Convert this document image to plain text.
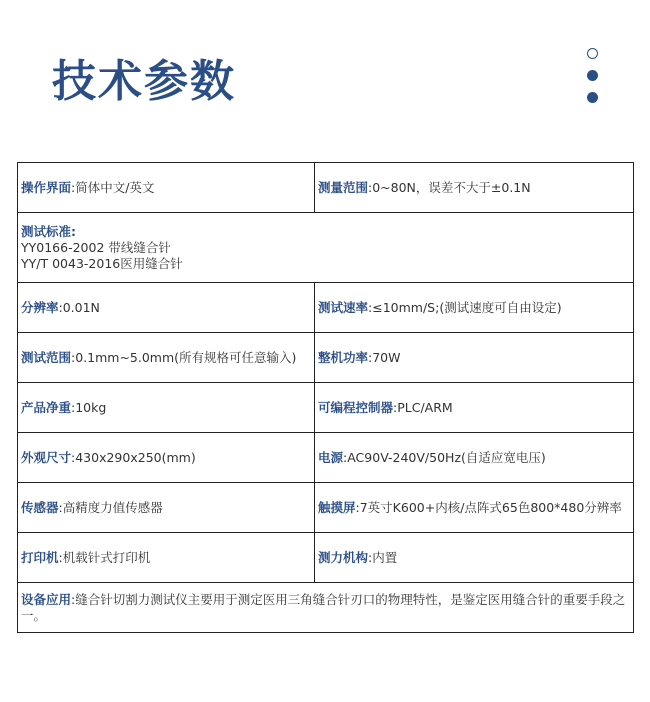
技术参数
操作界面:简体中文/英文	测量范围:0~80N，误差不大于±0.1N

测试标准:
YY0166-2002 带线缝合针
YY/T 0043-2016医用缝合针	

分辨率:0.01N	测试速率:≤10mm/S;(测试速度可自由设定)
测试范围:0.1mm~5.0mm(所有规格可任意输入)	整机功率:70W
产品净重:10kg	可编程控制器:PLC/ARM
外观尺寸:430x290x250(mm)	电源:AC90V-240V/50Hz(自适应宽电压)
传感器:高精度力值传感器	触摸屏:7英寸K600+内核/点阵式65色800*480分辨率
打印机:机载针式打印机	测力机构:内置
设备应用:缝合针切割力测试仪主要用于测定医用三角缝合针刃口的物理特性，是鉴定医用缝合针的重要手段之一。	
